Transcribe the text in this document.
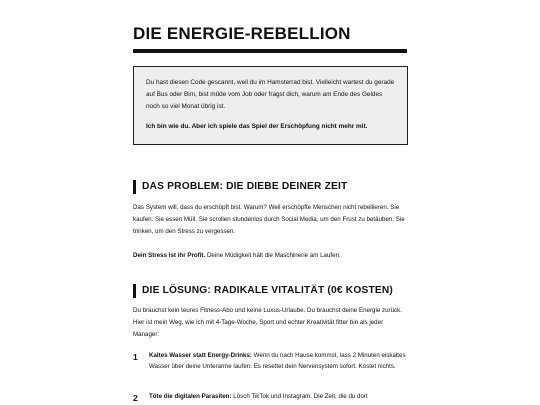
DIE ENERGIE-REBELLION

Du hast diesen Code gescannt, weil du im Hamsterrad bist. Vielleicht wartest du gerade auf Bus oder Bim, bist müde vom Job oder fragst dich, warum am Ende des Geldes noch so viel Monat übrig ist.

Ich bin wie du. Aber ich spiele das Spiel der Erschöpfung nicht mehr mit.

DAS PROBLEM: DIE DIEBE DEINER ZEIT

Das System will, dass du erschöpft bist. Warum? Weil erschöpfte Menschen nicht rebellieren. Sie kaufen. Sie essen Müll. Sie scrollen stundenlos durch Social Media, um den Frust zu betäuben. Sie trinken, um den Stress zu vergessen.

Dein Stress ist ihr Profit. Deine Müdigkeit hält die Maschinerie am Laufen.

DIE LÖSUNG: RADIKALE VITALITÄT (0€ KOSTEN)

Du brauchst kein teures Fitness-Abo und keine Luxus-Urlaube. Du brauchst deine Energie zurück. Hier ist mein Weg, wie ich mit 4-Tage-Woche, Sport und echter Kreativität fitter bin als jeder Manager:

1 Kaltes Wasser statt Energy-Drinks: Wenn du nach Hause kommst, lass 2 Minuten eiskaltes Wasser über deine Unterarme laufen. Es resettet dein Nervensystem sofort. Kostet nichts.
2 Töte die digitalen Parasiten: Lösch TikTok und Instagram. Die Zeit, die du dort
